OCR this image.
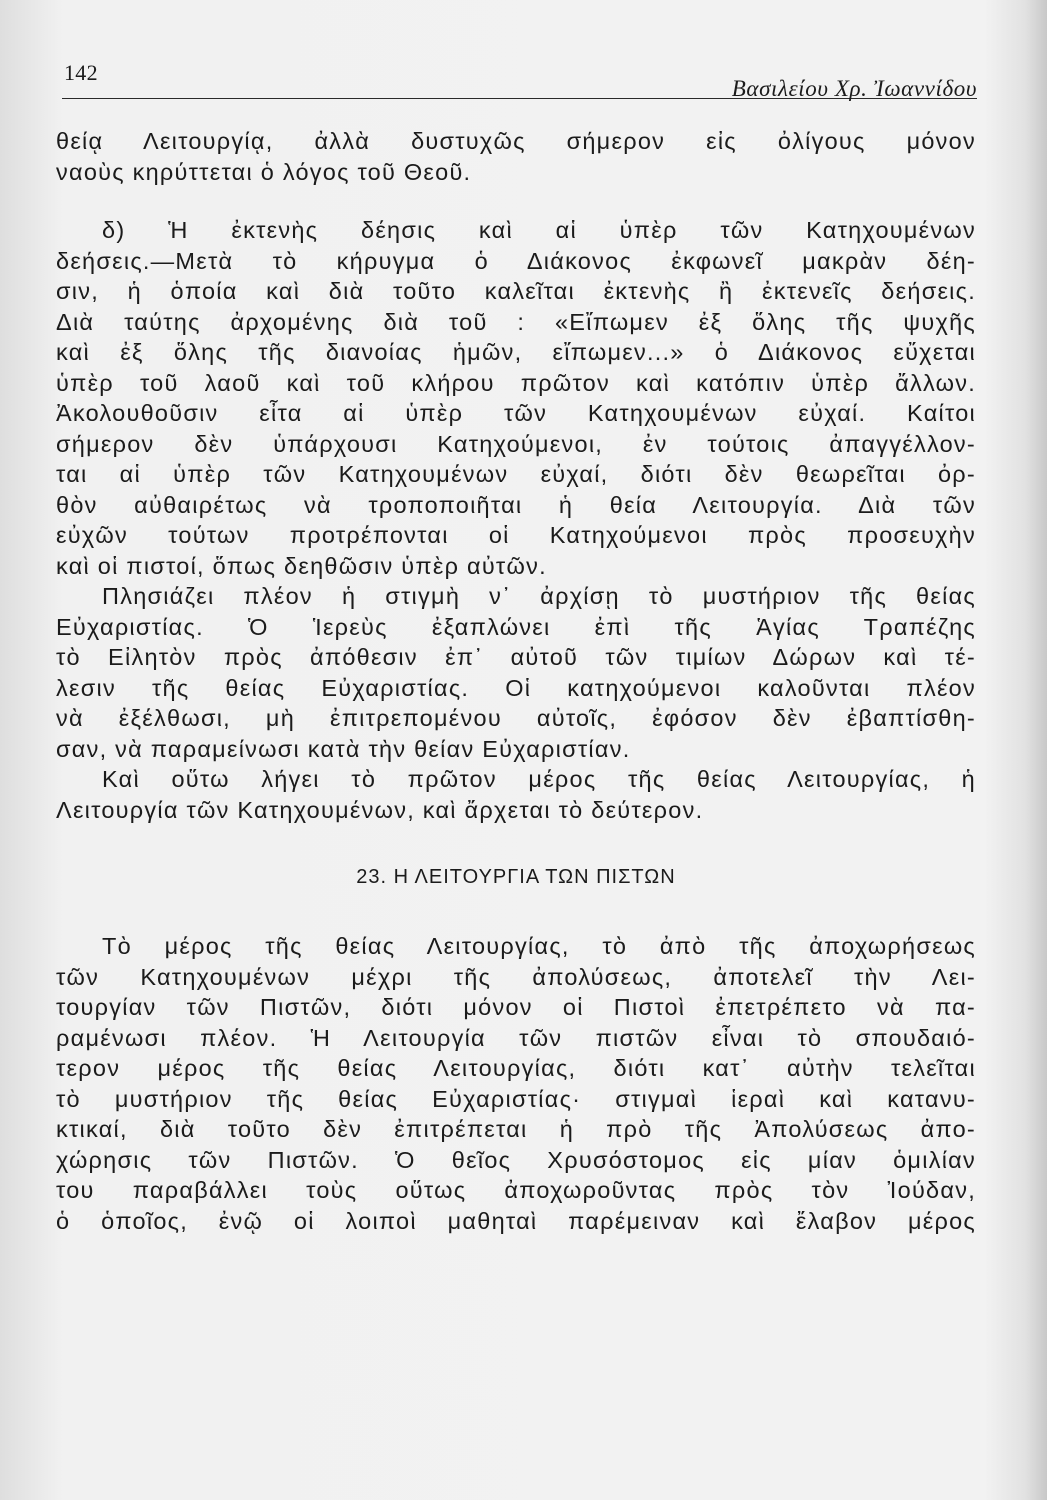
142
Βασιλείου Χρ. Ἰωαννίδου
θείᾳ Λειτουργίᾳ, ἀλλὰ δυστυχῶς σήμερον εἰς ὀλίγους μόνον
ναοὺς κηρύττεται ὁ λόγος τοῦ Θεοῦ.
δ) Ἡ ἐκτενὴς δέησις καὶ αἱ ὑπὲρ τῶν Κατηχουμένων
δεήσεις.—Μετὰ τὸ κήρυγμα ὁ Διάκονος ἐκφωνεῖ μακρὰν δέη-
σιν, ἡ ὁποία καὶ διὰ τοῦτο καλεῖται ἐκτενὴς ἢ ἐκτενεῖς δεήσεις.
Διὰ ταύτης ἀρχομένης διὰ τοῦ : «Εἴπωμεν ἐξ ὅλης τῆς ψυχῆς
καὶ ἐξ ὅλης τῆς διανοίας ἡμῶν, εἴπωμεν...» ὁ Διάκονος εὔχεται
ὑπὲρ τοῦ λαοῦ καὶ τοῦ κλήρου πρῶτον καὶ κατόπιν ὑπὲρ ἄλλων.
Ἀκολουθοῦσιν εἶτα αἱ ὑπὲρ τῶν Κατηχουμένων εὐχαί. Καίτοι
σήμερον δὲν ὑπάρχουσι Κατηχούμενοι, ἐν τούτοις ἀπαγγέλλον-
ται αἱ ὑπὲρ τῶν Κατηχουμένων εὐχαί, διότι δὲν θεωρεῖται ὀρ-
θὸν αὐθαιρέτως νὰ τροποποιῆται ἡ θεία Λειτουργία. Διὰ τῶν
εὐχῶν τούτων προτρέπονται οἱ Κατηχούμενοι πρὸς προσευχὴν
καὶ οἱ πιστοί, ὅπως δεηθῶσιν ὑπὲρ αὐτῶν.
Πλησιάζει πλέον ἡ στιγμὴ ν᾿ ἀρχίσῃ τὸ μυστήριον τῆς θείας
Εὐχαριστίας. Ὁ Ἱερεὺς ἐξαπλώνει ἐπὶ τῆς Ἁγίας Τραπέζης
τὸ Εἰλητὸν πρὸς ἀπόθεσιν ἐπ᾿ αὐτοῦ τῶν τιμίων Δώρων καὶ τέ-
λεσιν τῆς θείας Εὐχαριστίας. Οἱ κατηχούμενοι καλοῦνται πλέον
νὰ ἐξέλθωσι, μὴ ἐπιτρεπομένου αὐτοῖς, ἐφόσον δὲν ἐβαπτίσθη-
σαν, νὰ παραμείνωσι κατὰ τὴν θείαν Εὐχαριστίαν.
Καὶ οὕτω λήγει τὸ πρῶτον μέρος τῆς θείας Λειτουργίας, ἡ
Λειτουργία τῶν Κατηχουμένων, καὶ ἄρχεται τὸ δεύτερον.
23. Η ΛΕΙΤΟΥΡΓΙΑ ΤΩΝ ΠΙΣΤΩΝ
Τὸ μέρος τῆς θείας Λειτουργίας, τὸ ἀπὸ τῆς ἀποχωρήσεως
τῶν Κατηχουμένων μέχρι τῆς ἀπολύσεως, ἀποτελεῖ τὴν Λει-
τουργίαν τῶν Πιστῶν, διότι μόνον οἱ Πιστοὶ ἐπετρέπετο νὰ πα-
ραμένωσι πλέον. Ἡ Λειτουργία τῶν πιστῶν εἶναι τὸ σπουδαιό-
τερον μέρος τῆς θείας Λειτουργίας, διότι κατ᾿ αὐτὴν τελεῖται
τὸ μυστήριον τῆς θείας Εὐχαριστίας· στιγμαὶ ἱεραὶ καὶ κατανυ-
κτικαί, διὰ τοῦτο δὲν ἐπιτρέπεται ἡ πρὸ τῆς Ἀπολύσεως ἀπο-
χώρησις τῶν Πιστῶν. Ὁ θεῖος Χρυσόστομος εἰς μίαν ὁμιλίαν
του παραβάλλει τοὺς οὕτως ἀποχωροῦντας πρὸς τὸν Ἰούδαν,
ὁ ὁποῖος, ἐνῷ οἱ λοιποὶ μαθηταὶ παρέμειναν καὶ ἔλαβον μέρος
